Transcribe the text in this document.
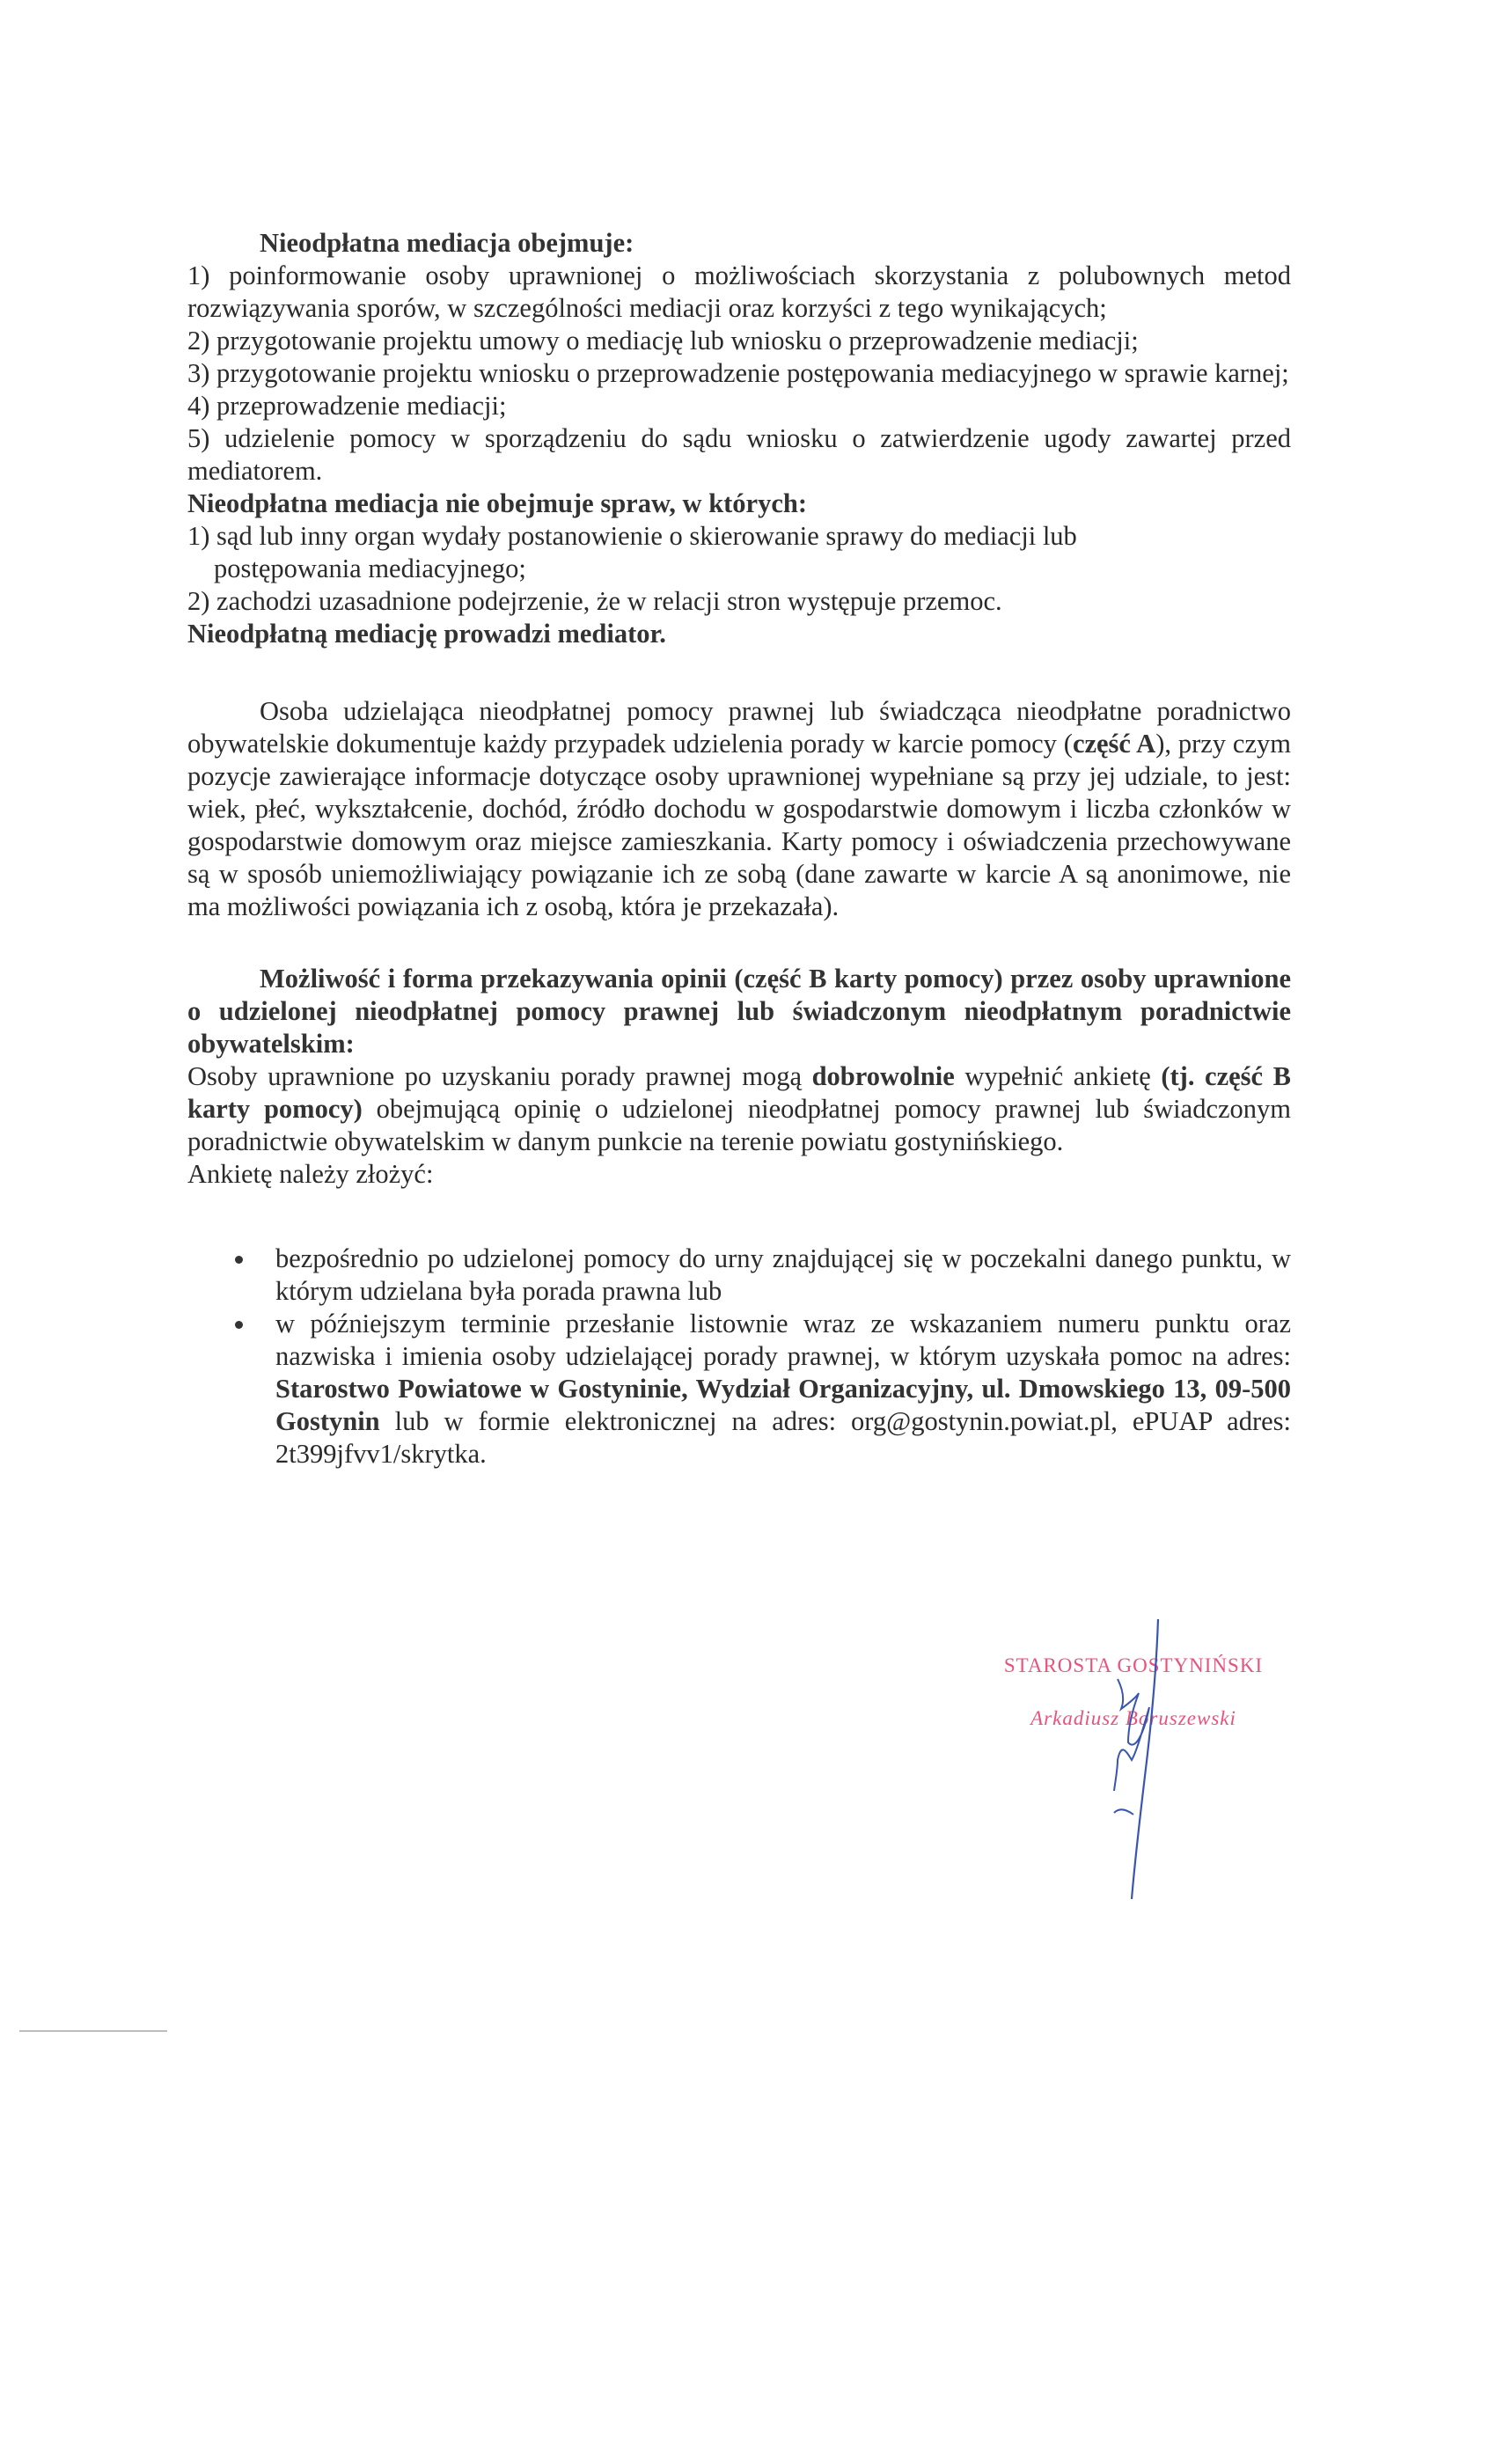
Nieodpłatna mediacja obejmuje:

1) poinformowanie osoby uprawnionej o możliwościach skorzystania z polubownych metod rozwiązywania sporów, w szczególności mediacji oraz korzyści z tego wynikających;

2) przygotowanie projektu umowy o mediację lub wniosku o przeprowadzenie mediacji;

3) przygotowanie projektu wniosku o przeprowadzenie postępowania mediacyjnego w sprawie karnej;

4) przeprowadzenie mediacji;

5) udzielenie pomocy w sporządzeniu do sądu wniosku o zatwierdzenie ugody zawartej przed mediatorem.

Nieodpłatna mediacja nie obejmuje spraw, w których:

1) sąd lub inny organ wydały postanowienie o skierowanie sprawy do mediacji lub postępowania mediacyjnego;

2) zachodzi uzasadnione podejrzenie, że w relacji stron występuje przemoc.

Nieodpłatną mediację prowadzi mediator.

Osoba udzielająca nieodpłatnej pomocy prawnej lub świadcząca nieodpłatne poradnictwo obywatelskie dokumentuje każdy przypadek udzielenia porady w karcie pomocy (część A), przy czym pozycje zawierające informacje dotyczące osoby uprawnionej wypełniane są przy jej udziale, to jest: wiek, płeć, wykształcenie, dochód, źródło dochodu w gospodarstwie domowym i liczba członków w gospodarstwie domowym oraz miejsce zamieszkania. Karty pomocy i oświadczenia przechowywane są w sposób uniemożliwiający powiązanie ich ze sobą (dane zawarte w karcie A są anonimowe, nie ma możliwości powiązania ich z osobą, która je przekazała).

Możliwość i forma przekazywania opinii (część B karty pomocy) przez osoby uprawnione o udzielonej nieodpłatnej pomocy prawnej lub świadczonym nieodpłatnym poradnictwie obywatelskim:

Osoby uprawnione po uzyskaniu porady prawnej mogą dobrowolnie wypełnić ankietę (tj. część B karty pomocy) obejmującą opinię o udzielonej nieodpłatnej pomocy prawnej lub świadczonym poradnictwie obywatelskim w danym punkcie na terenie powiatu gostynińskiego.

Ankietę należy złożyć:

bezpośrednio po udzielonej pomocy do urny znajdującej się w poczekalni danego punktu, w którym udzielana była porada prawna lub
w późniejszym terminie przesłanie listownie wraz ze wskazaniem numeru punktu oraz nazwiska i imienia osoby udzielającej porady prawnej, w którym uzyskała pomoc na adres: Starostwo Powiatowe w Gostyninie, Wydział Organizacyjny, ul. Dmowskiego 13, 09-500 Gostynin lub w formie elektronicznej na adres: org@gostynin.powiat.pl, ePUAP adres: 2t399jfvv1/skrytka.
STAROSTA GOSTYNIŃSKI
Arkadiusz Boruszewski
